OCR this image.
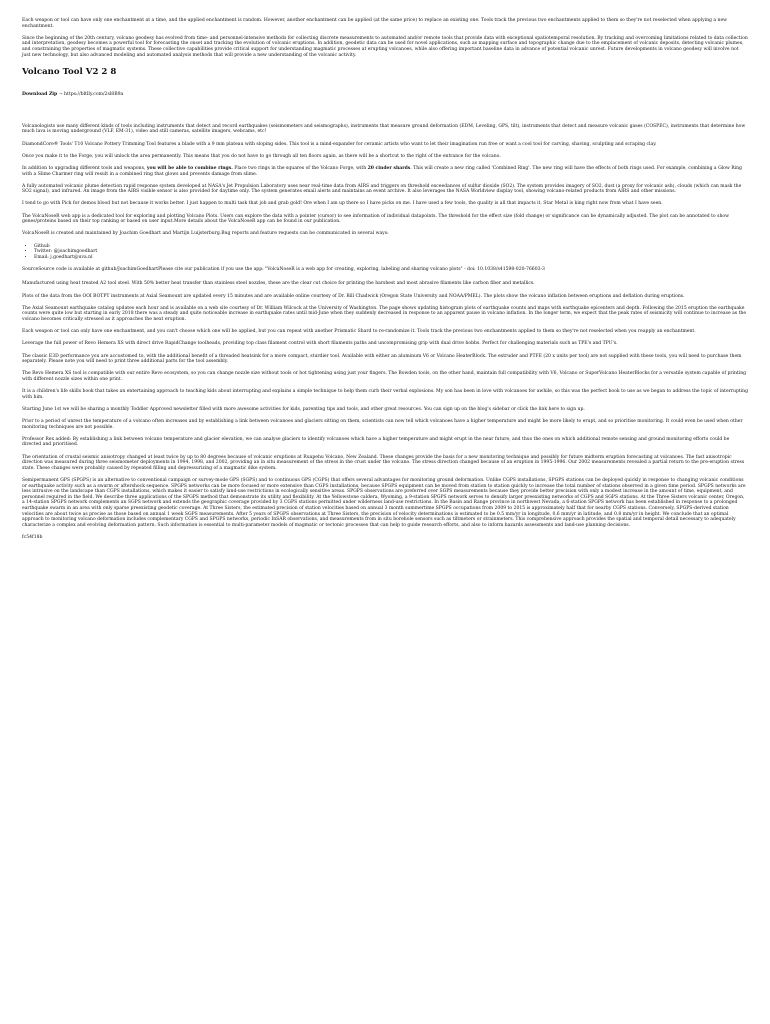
Each weapon or tool can have only one enchantment at a time, and the applied enchantment is random. However, another enchantment can be applied (at the same price) to replace an existing one. Tools track the previous two enchantments applied to them so they're not reselected when applying a new enchantment.

Since the beginning of the 20th century, volcano geodesy has evolved from time- and personnel-intensive methods for collecting discrete measurements to automated and/or remote tools that provide data with exceptional spatiotemporal resolution. By tracking and overcoming limitations related to data collection and interpretation, geodesy becomes a powerful tool for forecasting the onset and tracking the evolution of volcanic eruptions. In addition, geodetic data can be used for novel applications, such as mapping surface and topographic change due to the emplacement of volcanic deposits, detecting volcanic plumes, and constraining the properties of magmatic systems. These collective capabilities provide critical support for understanding magmatic processes at erupting volcanoes, while also offering important baseline data in advance of potential volcanic unrest. Future developments in volcano geodesy will involve not just new technology, but also advanced modeling and automated analysis methods that will provide a new understanding of the volcanic activity.

Volcano Tool V2 2 8

Download Zip → https://bltlly.com/2sl8B9a

Volcanologists use many different kinds of tools including instruments that detect and record earthquakes (seismometers and seismographs), instruments that measure ground deformation (EDM, Leveling, GPS, tilt), instruments that detect and measure volcanic gases (COSPEC), instruments that determine how much lava is moving underground (VLF, EM-31), video and still cameras, satellite imagers, webcams, etc!

DiamondCore® Tools' T10 Volcano Pottery Trimming Tool features a blade with a 9 mm plateau with sloping sides. This tool is a mind-expander for ceramic artists who want to let their imagination run free or want a cool tool for carving, shaving, sculpting and scraping clay.

Once you make it to the Forge, you will unlock the area permanently. This means that you do not have to go through all ten floors again, as there will be a shortcut to the right of the entrance for the volcano.

In addition to upgrading different tools and weapons, you will be able to combine rings. Place two rings in the squares of the Volcano Forge, with 20 cinder shards. This will create a new ring called 'Combined Ring'. The new ring will have the effects of both rings used. For example, combining a Glow Ring with a Slime Charmer ring will result in a combined ring that glows and prevents damage from slime.

A fully automated volcanic plume detection rapid response system developed at NASA's Jet Propulsion Laboratory uses near real-time data from AIRS and triggers on threshold exceedances of sulfur dioxide (SO2). The system provides imagery of SO2, dust (a proxy for volcanic ash), clouds (which can mask the SO2 signal), and infrared. An image from the AIRS visible sensor is also provided for daytime only. The system generates email alerts and maintains an event archive. It also leverages the NASA Worldview display tool, showing volcano-related products from AIRS and other missions.

I tend to go with Pick for demos blood but not because it works better. I just happen to multi task that job and grab gold! Ore when I am up there so I have picks on me. I have used a few tools, the quality is all that impacts it. Star Metal is king right now from what I have seen.

The VolcaNoseR web app is a dedicated tool for exploring and plotting Volcano Plots. Users can explore the data with a pointer (cursor) to see information of individual datapoints. The threshold for the effect size (fold change) or significance can be dynamically adjusted. The plot can be annotated to show genes/proteins based on their top ranking or based on user input.More details about the VolcaNoseR app can be found in our publication.

VolcaNoseR is created and maintained by Joachim Goedhart and Martijn Luijsterburg.Bug reports and feature requests can be communicated in several ways:

• Github
• Twitter: @joachimgoedhart
• Email: j.goedhart@uva.nl

SourceSource code is available at github/JoachimGoedhartPlease cite our publication if you use the app: "VolcaNoseR is a web app for creating, exploring, labeling and sharing volcano plots" - doi: 10.1038/s41598-020-76603-3

Manufactured using heat treated A2 tool steel. With 50% better heat transfer than stainless steel nozzles, these are the clear cut choice for printing the harshest and most abrasive filaments like carbon fiber and metallics.

Plots of the data from the OOI BOTPT instruments at Axial Seamount are updated every 15 minutes and are available online courtesy of Dr. Bill Chadwick (Oregon State University and NOAA/PMEL). The plots show the volcano inflation between eruptions and deflation during eruptions.

The Axial Seamount earthquake catalog updates each hour and is available on a web site courtesy of Dr. William Wilcock at the University of Washington. The page shows updating histogram plots of earthquake counts and maps with earthquake epicenters and depth. Following the 2015 eruption the earthquake counts were quite low but starting in early 2018 there was a steady and quite noticeable increase in earthquake rates until mid-June when they suddenly decreased in response to an apparent pause in volcano inflation. In the longer term, we expect that the peak rates of seismicity will continue to increase as the volcano becomes critically stressed as it approaches the next eruption.

Each weapon or tool can only have one enchantment, and you can't choose which one will be applied, but you can repeat with another Prismatic Shard to re-randomize it. Tools track the previous two enchantments applied to them so they're not reselected when you reapply an enchantment.

Leverage the full power of Revo Hemera XS with direct drive RapidChange toolheads, providing top class filament control with short filaments paths and uncompromising grip with dual drive hobbs. Perfect for challenging materials such as TPE's and TPU's.

The classic E3D performance you are accustomed to, with the additional benefit of a threaded heatsink for a more compact, sturdier tool. Available with either an aluminum V6 or Volcano HeaterBlock. The extruder and PTFE (20 x units per tool) are not supplied with these tools, you will need to purchase them separately. Please note you will need to print three additional parts for the tool assembly.

The Revo Hemera XS tool is compatible with our entire Revo ecosystem, so you can change nozzle size without tools or hot tightening using just your fingers. The Bowden tools, on the other hand, maintain full compatibility with V6, Volcano or SuperVolcano HeaterBlocks for a versatile system capable of printing with different nozzle sizes within one print.

It is a children's life skills book that takes an entertaining approach to teaching kids about interrupting and explains a simple technique to help them curb their verbal explosions. My son has been in love with volcanoes for awhile, so this was the perfect book to use as we began to address the topic of interrupting with him.

Starting June 1st we will be sharing a monthly Toddler Approved newsletter filled with more awesome activities for kids, parenting tips and tools, and other great resources. You can sign up on the blog's sidebar or click the link here to sign up.

Prior to a period of unrest the temperature of a volcano often increases and by establishing a link between volcanoes and glaciers sitting on them, scientists can now tell which volcanoes have a higher temperature and might be more likely to erupt, and so prioritise monitoring. It could even be used when other monitoring techniques are not possible.

Professor Rex added: By establishing a link between volcano temperature and glacier elevation, we can analyse glaciers to identify volcanoes which have a higher temperature and might erupt in the near future, and thus the ones on which additional remote sensing and ground monitoring efforts could be directed and prioritised.

The orientation of crustal seismic anisotropy changed at least twice by up to 80 degrees because of volcanic eruptions at Ruapehu Volcano, New Zealand. These changes provide the basis for a new monitoring technique and possibly for future midterm eruption forecasting at volcanoes. The fast anisotropic direction was measured during three seismometer deployments in 1994, 1998, and 2002, providing an in situ measurement of the stress in the crust under the volcano. The stress direction changed because of an eruption in 1995-1996. Our 2002 measurements revealed a partial return to the pre-eruption stress state. These changes were probably caused by repeated filling and depressurizing of a magmatic dike system.

Semipermanent GPS (SPGPS) is an alternative to conventional campaign or survey-mode GPS (SGPS) and to continuous GPS (CGPS) that offers several advantages for monitoring ground deformation. Unlike CGPS installations, SPGPS stations can be deployed quickly in response to changing volcanic conditions or earthquake activity such as a swarm or aftershock sequence. SPGPS networks can be more focused or more extensive than CGPS installations, because SPGPS equipment can be moved from station to station quickly to increase the total number of stations observed in a given time period. SPGPS networks are less intrusive on the landscape than CGPS installations, which makes it easier to satisfy land-use restrictions in ecologically sensitive areas. SPGPS observations are preferred over SGPS measurements because they provide better precision with only a modest increase in the amount of time, equipment, and personnel required in the field. We describe three applications of the SPGPS method that demonstrate its utility and flexibility. At the Yellowstone caldera, Wyoming, a 9-station SPGPS network serves to densify larger preexisting networks of CGPS and SGPS stations. At the Three Sisters volcanic center, Oregon, a 14-station SPGPS network complements an SGPS network and extends the geographic coverage provided by 3 CGPS stations permitted under wilderness land-use restrictions. In the Basin and Range province in northwest Nevada, a 6-station SPGPS network has been established in response to a prolonged earthquake swarm in an area with only sparse preexisting geodetic coverage. At Three Sisters, the estimated precision of station velocities based on annual 3 month summertime SPGPS occupations from 2009 to 2015 is approximately half that for nearby CGPS stations. Conversely, SPGPS-derived station velocities are about twice as precise as those based on annual 1 week SGPS measurements. After 5 years of SPGPS observations at Three Sisters, the precision of velocity determinations is estimated to be 0.5 mm/yr in longitude, 0.6 mm/yr in latitude, and 0.8 mm/yr in height. We conclude that an optimal approach to monitoring volcano deformation includes complementary CGPS and SPGPS networks, periodic InSAR observations, and measurements from in situ borehole sensors such as tiltmeters or strainmeters. This comprehensive approach provides the spatial and temporal detail necessary to adequately characterize a complex and evolving deformation pattern. Such information is essential to multi-parameter models of magmatic or tectonic processes that can help to guide research efforts, and also to inform hazards assessments and land-use planning decisions.

fc54f18b
